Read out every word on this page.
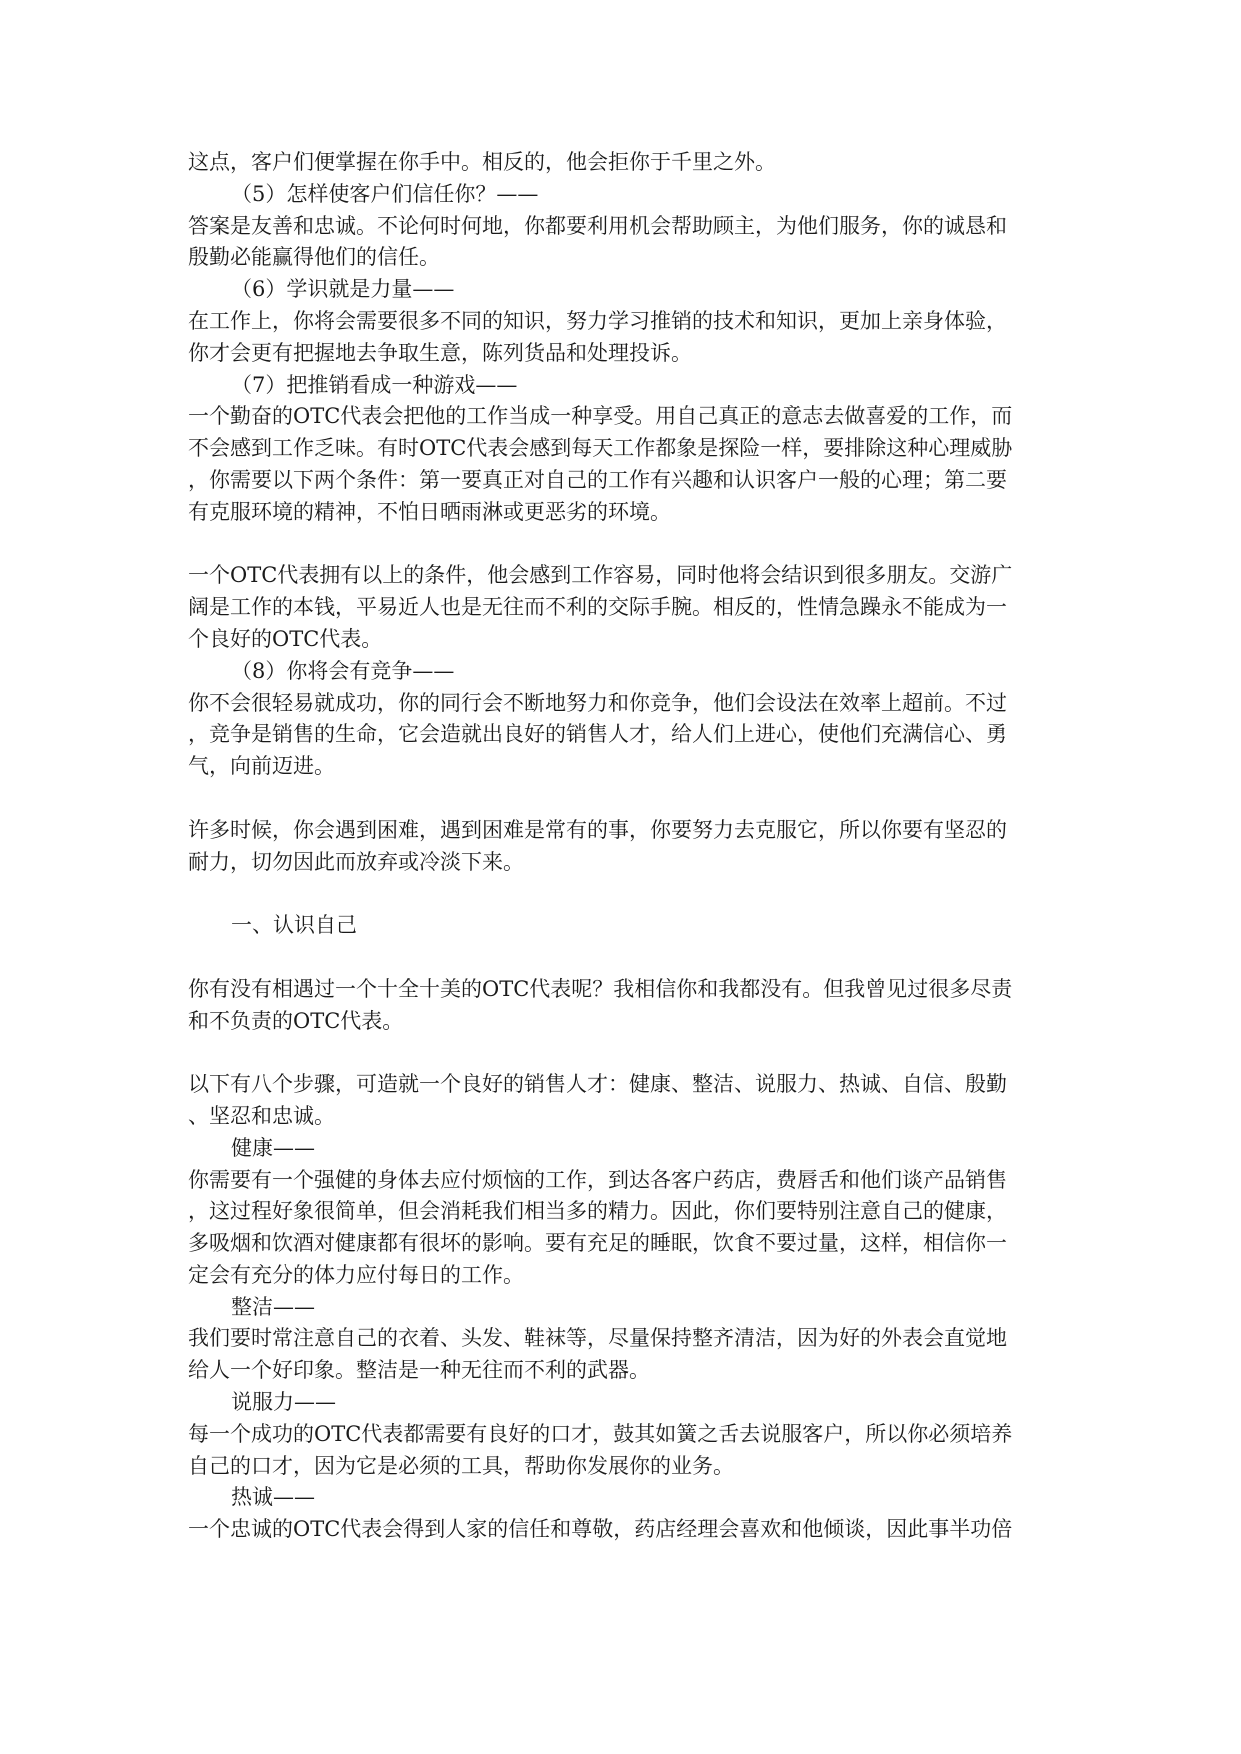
这点，客户们便掌握在你手中。相反的，他会拒你于千里之外。
（5）怎样使客户们信任你？——
答案是友善和忠诚。不论何时何地，你都要利用机会帮助顾主，为他们服务，你的诚恳和
殷勤必能赢得他们的信任。
（6）学识就是力量——
在工作上，你将会需要很多不同的知识，努力学习推销的技术和知识，更加上亲身体验，
你才会更有把握地去争取生意，陈列货品和处理投诉。
（7）把推销看成一种游戏——
一个勤奋的OTC代表会把他的工作当成一种享受。用自己真正的意志去做喜爱的工作，而
不会感到工作乏味。有时OTC代表会感到每天工作都象是探险一样，要排除这种心理威胁
，你需要以下两个条件：第一要真正对自己的工作有兴趣和认识客户一般的心理；第二要
有克服环境的精神，不怕日晒雨淋或更恶劣的环境。
一个OTC代表拥有以上的条件，他会感到工作容易，同时他将会结识到很多朋友。交游广
阔是工作的本钱，平易近人也是无往而不利的交际手腕。相反的，性情急躁永不能成为一
个良好的OTC代表。
（8）你将会有竞争——
你不会很轻易就成功，你的同行会不断地努力和你竞争，他们会设法在效率上超前。不过
，竞争是销售的生命，它会造就出良好的销售人才，给人们上进心，使他们充满信心、勇
气，向前迈进。
许多时候，你会遇到困难，遇到困难是常有的事，你要努力去克服它，所以你要有坚忍的
耐力，切勿因此而放弃或冷淡下来。
一、认识自己
你有没有相遇过一个十全十美的OTC代表呢？我相信你和我都没有。但我曾见过很多尽责
和不负责的OTC代表。
以下有八个步骤，可造就一个良好的销售人才：健康、整洁、说服力、热诚、自信、殷勤
、坚忍和忠诚。
健康——
你需要有一个强健的身体去应付烦恼的工作，到达各客户药店，费唇舌和他们谈产品销售
，这过程好象很简单，但会消耗我们相当多的精力。因此，你们要特别注意自己的健康，
多吸烟和饮酒对健康都有很坏的影响。要有充足的睡眠，饮食不要过量，这样，相信你一
定会有充分的体力应付每日的工作。
整洁——
我们要时常注意自己的衣着、头发、鞋袜等，尽量保持整齐清洁，因为好的外表会直觉地
给人一个好印象。整洁是一种无往而不利的武器。
说服力——
每一个成功的OTC代表都需要有良好的口才，鼓其如簧之舌去说服客户，所以你必须培养
自己的口才，因为它是必须的工具，帮助你发展你的业务。
热诚——
一个忠诚的OTC代表会得到人家的信任和尊敬，药店经理会喜欢和他倾谈，因此事半功倍
